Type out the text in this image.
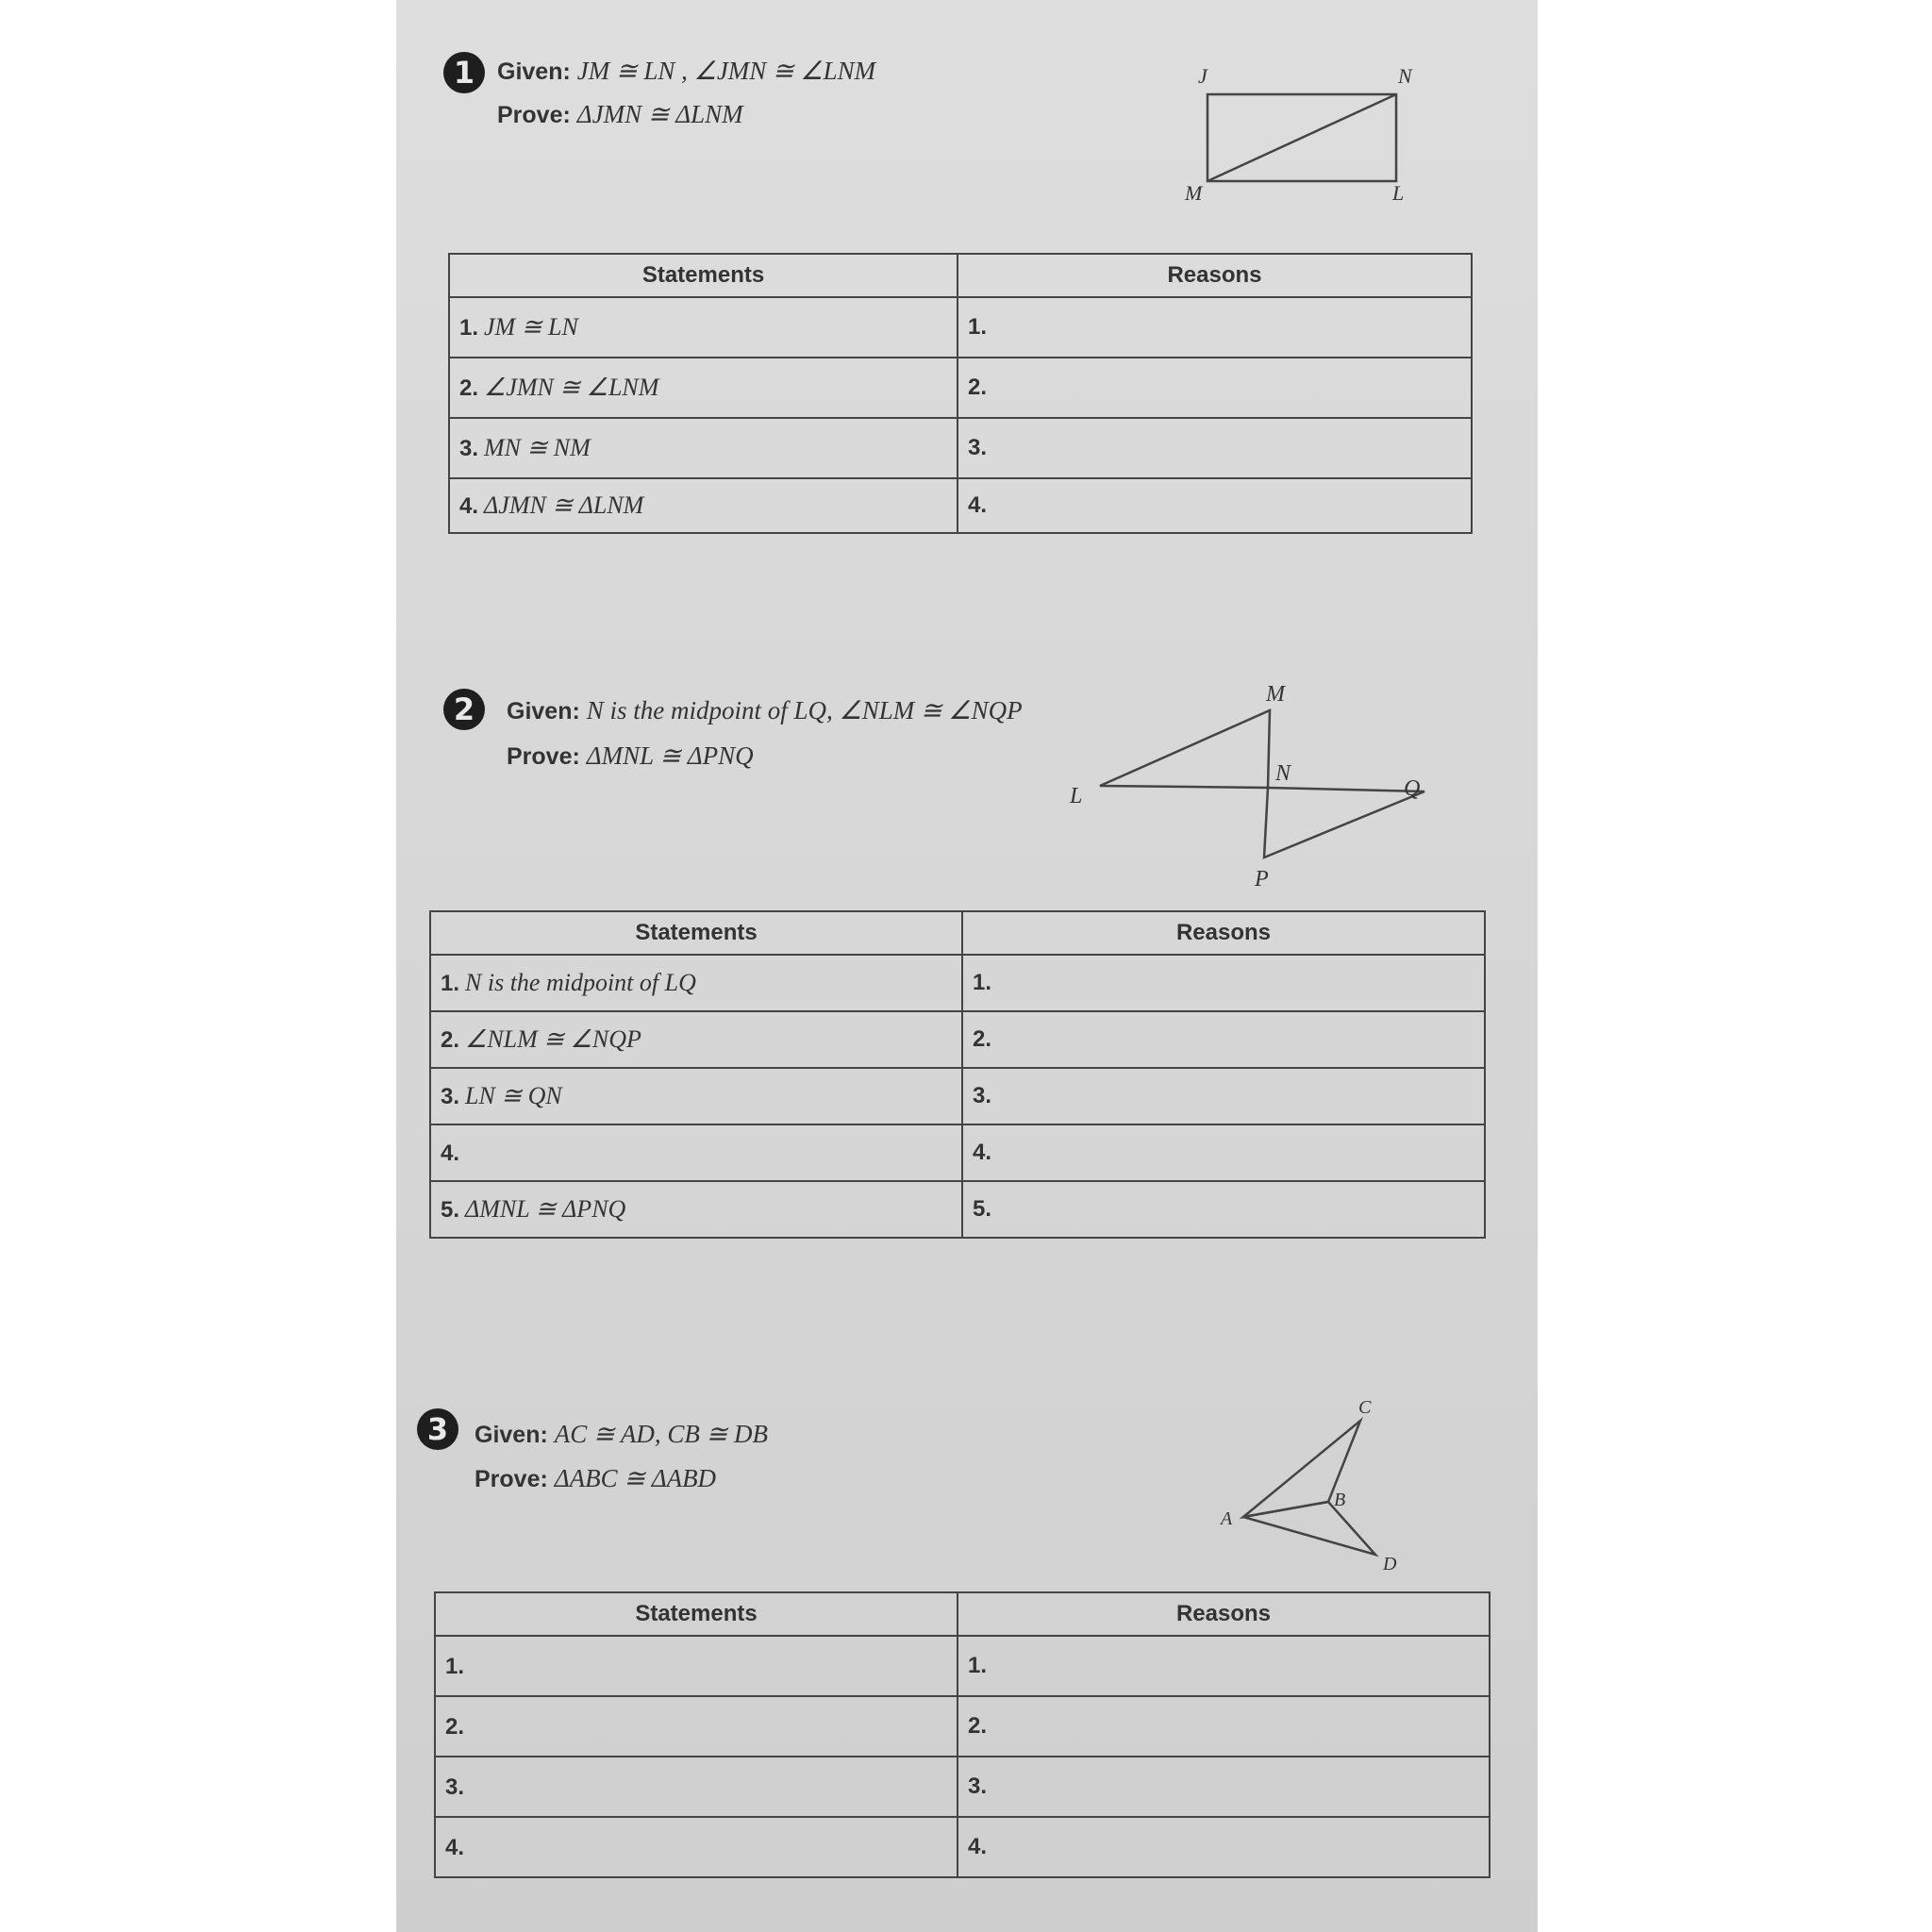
1 Given: JM ≅ LN , ∠JMN ≅ ∠LNM
Prove: ΔJMN ≅ ΔLNM
J	N
M	L
Statements	Reasons
1. JM ≅ LN	1.
2. ∠JMN ≅ ∠LNM	2.
3. MN ≅ NM	3.
4. ΔJMN ≅ ΔLNM	4.
2	Given: N is the midpoint of LQ, ∠NLM ≅ ∠NQP
Prove: ΔMNL ≅ ΔPNQ
M
N
L	Q
P
Statements	Reasons
1. N is the midpoint of LQ	1.
2. ∠NLM ≅ ∠NQP	2.
3. LN ≅ QN	3.
4.	4.
5. ΔMNL ≅ ΔPNQ	5.
3	Given: AC ≅ AD, CB ≅ DB
Prove: ΔABC ≅ ΔABD
C
B
A
D
Statements	Reasons
1.	1.
2.	2.
3.	3.
4.	4.
